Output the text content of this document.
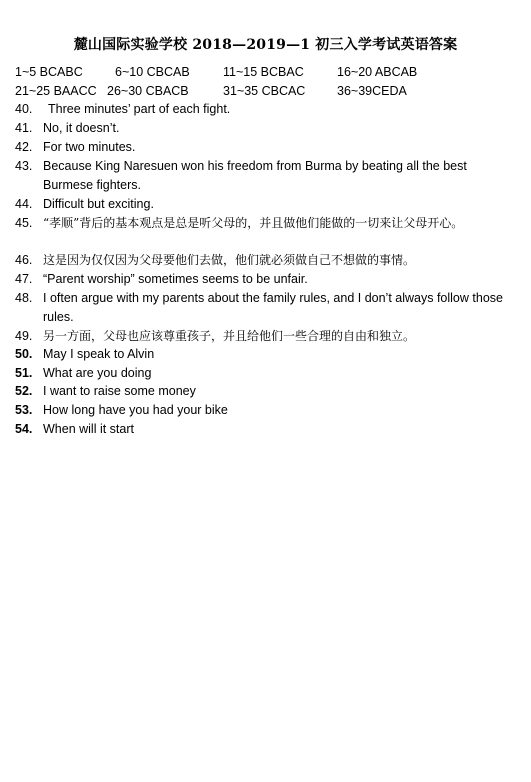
麓山国际实验学校 2018—2019—1 初三入学考试英语答案
1~5 BCABC	6~10 CBCAB	11~15 BCBAC	16~20 ABCAB
21~25 BAACC 26~30 CBACB	31~35 CBCAC	36~39CEDA
40.	Three minutes’ part of each fight.
41. No, it doesn’t.
42. For two minutes.
43. Because King Naresuen won his freedom from Burma by beating all the best Burmese fighters.
44. Difficult but exciting.
45. “孝顺”背后的基本观点是总是听父母的，并且做他们能做的一切来让父母开心。
46. 这是因为仅仅因为父母要他们去做，他们就必须做自己不想做的事情。
47. “Parent worship” sometimes seems to be unfair.
48. I often argue with my parents about the family rules, and I don’t always follow those rules.
49. 另一方面，父母也应该尊重孩子，并且给他们一些合理的自由和独立。
50. May I speak to Alvin
51. What are you doing
52. I want to raise some money
53. How long have you had your bike
54. When will it start
